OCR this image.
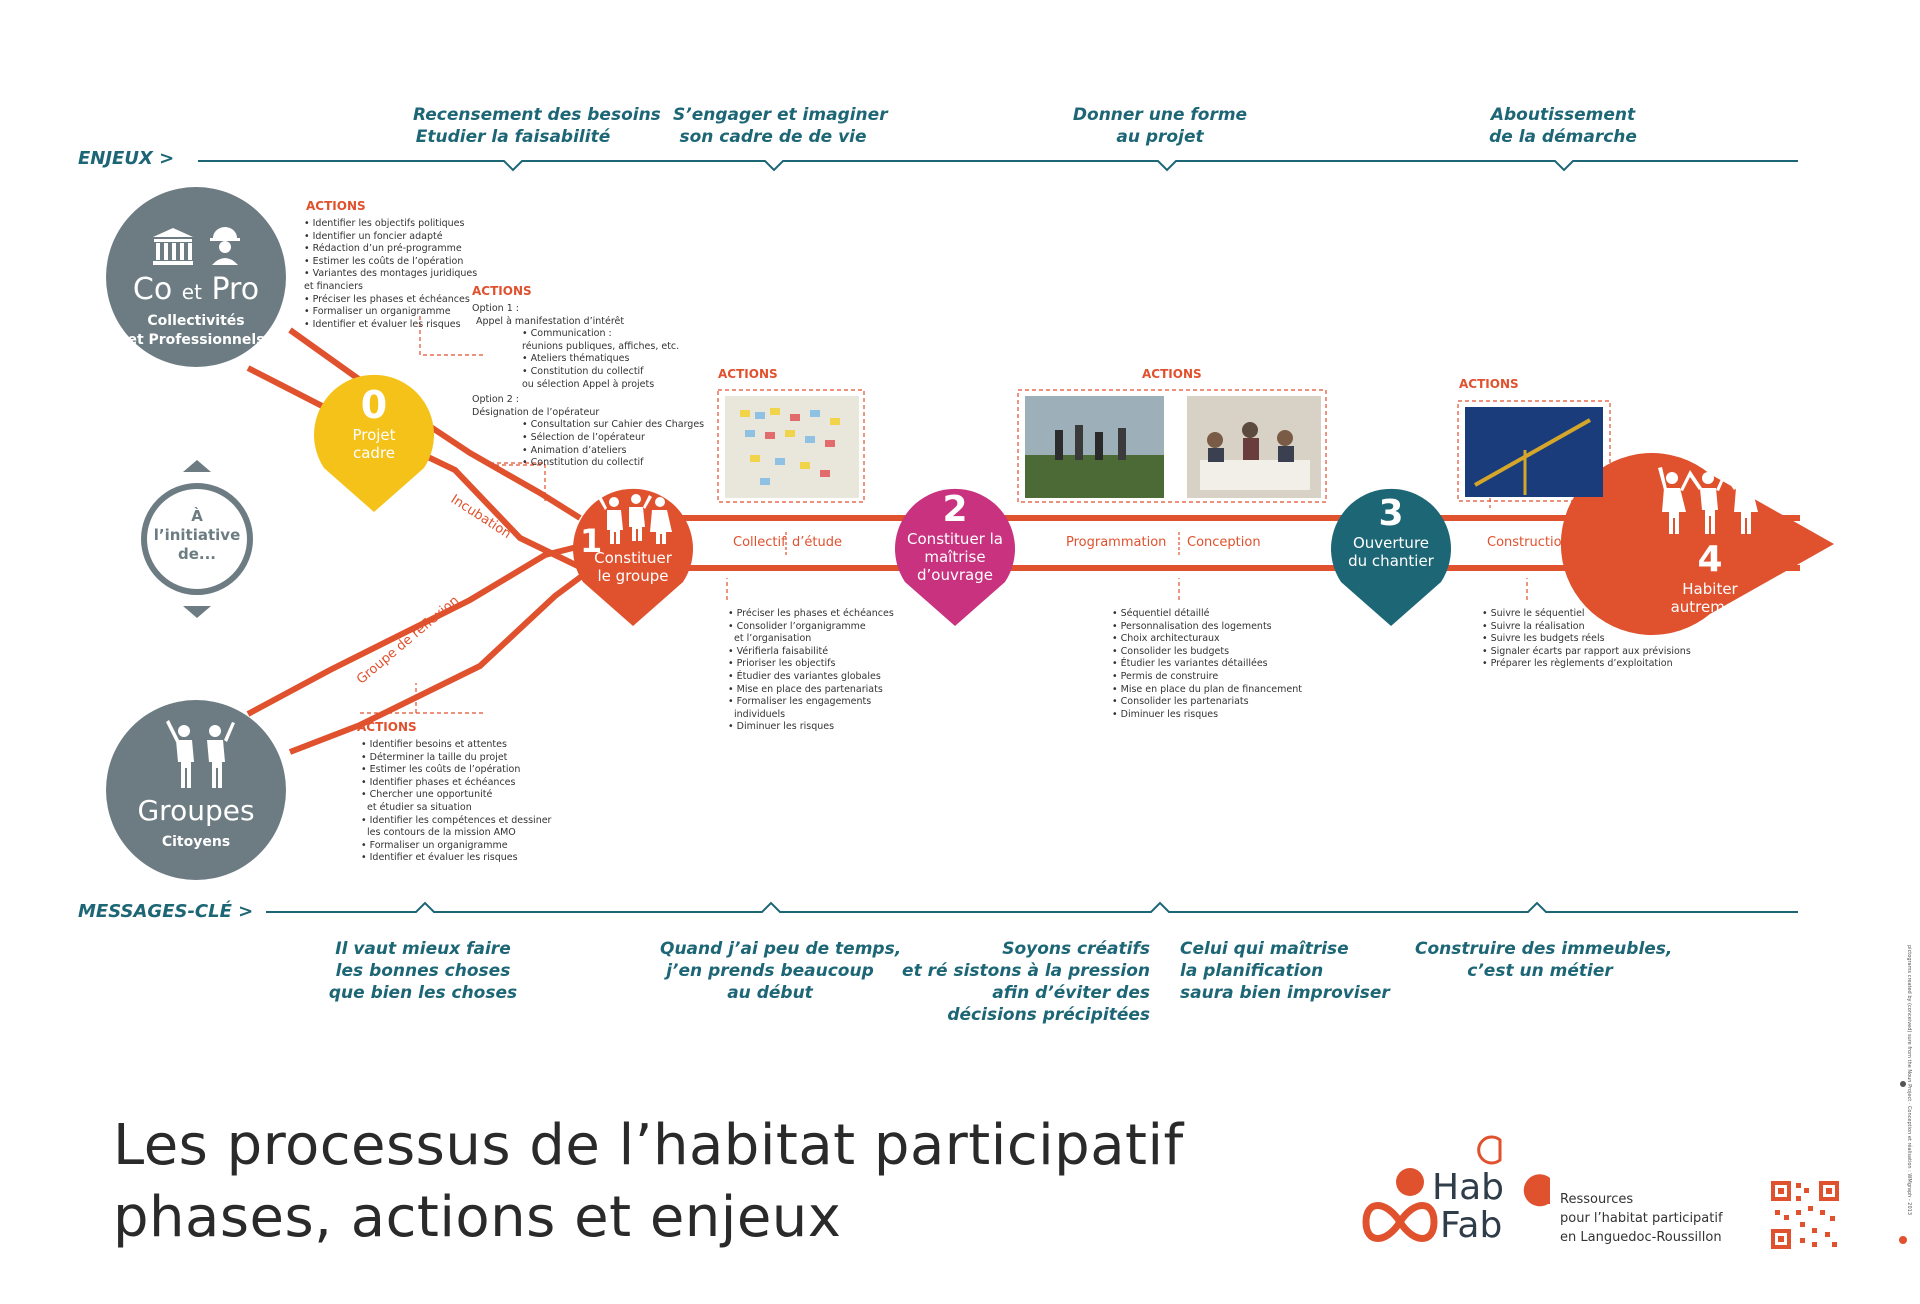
ENJEUX >
Recensement des besoins
Etudier la faisabilité
S’engager et imaginer
son cadre de de vie
Donner une forme
au projet
Aboutissement
de la démarche
MESSAGES-CLÉ >
Il vaut mieux faire
les bonnes choses
que bien les choses
Quand j’ai peu de temps,
j’en prends beaucoup
au début
Soyons créatifs
et ré sistons à la pression
afin d’éviter des
décisions précipitées
Celui qui maîtrise
la planification
saura bien improviser
Construire des immeubles,
c’est un métier
Co et Pro
Collectivités
et Professionnels
Groupes
Citoyens
À
l’initiative
de...
Incubation
Groupe de réflexion
0
Projet
cadre
1
Constituer
le groupe
2
Constituer la
maîtrise
d’ouvrage
3
Ouverture
du chantier	4
Habiter
autrement
Collectif d’étude	Programmation Conception	Construction
ACTIONS
ACTIONS
ACTIONS
ACTIONS	ACTIONS
ACTIONS
• Identifier les objectifs politiques
• Identifier un foncier adapté
• Rédaction d’un pré-programme
• Estimer les coûts de l’opération
• Variantes des montages juridiques
et financiers
• Préciser les phases et échéances
• Formaliser un organigramme
• Identifier et évaluer les risques
Option 1 :
Appel à manifestation d’intérêt
• Communication :
réunions publiques, affiches, etc.
• Ateliers thématiques
• Constitution du collectif
ou sélection Appel à projets
Option 2 :
Désignation de l’opérateur
• Consultation sur Cahier des Charges
• Sélection de l’opérateur
• Animation d’ateliers
• Constitution du collectif
• Identifier besoins et attentes
• Déterminer la taille du projet
• Estimer les coûts de l’opération
• Identifier phases et échéances
• Chercher une opportunité
et étudier sa situation
• Identifier les compétences et dessiner
les contours de la mission AMO
• Formaliser un organigramme
• Identifier et évaluer les risques
• Préciser les phases et échéances
• Consolider l’organigramme
et l’organisation
• Vérifierla faisabilité
• Prioriser les objectifs
• Étudier des variantes globales
• Mise en place des partenariats
• Formaliser les engagements
individuels
• Diminuer les risques
• Séquentiel détaillé
• Personnalisation des logements
• Choix architecturaux
• Consolider les budgets
• Étudier les variantes détaillées
• Permis de construire
• Mise en place du plan de financement
• Consolider les partenariats
• Diminuer les risques
• Suivre le séquentiel
• Suivre la réalisation
• Suivre les budgets réels
• Signaler écarts par rapport aux prévisions
• Préparer les règlements d’exploitation
Les processus de l’habitat participatif
phases, actions et enjeux	Hab
Fab
Ressources
pour l’habitat participatif
en Languedoc-Roussillon
pictograms created by (conceived) sure from the Noun Project · Conception et réalisation : WMgraph - 2013
